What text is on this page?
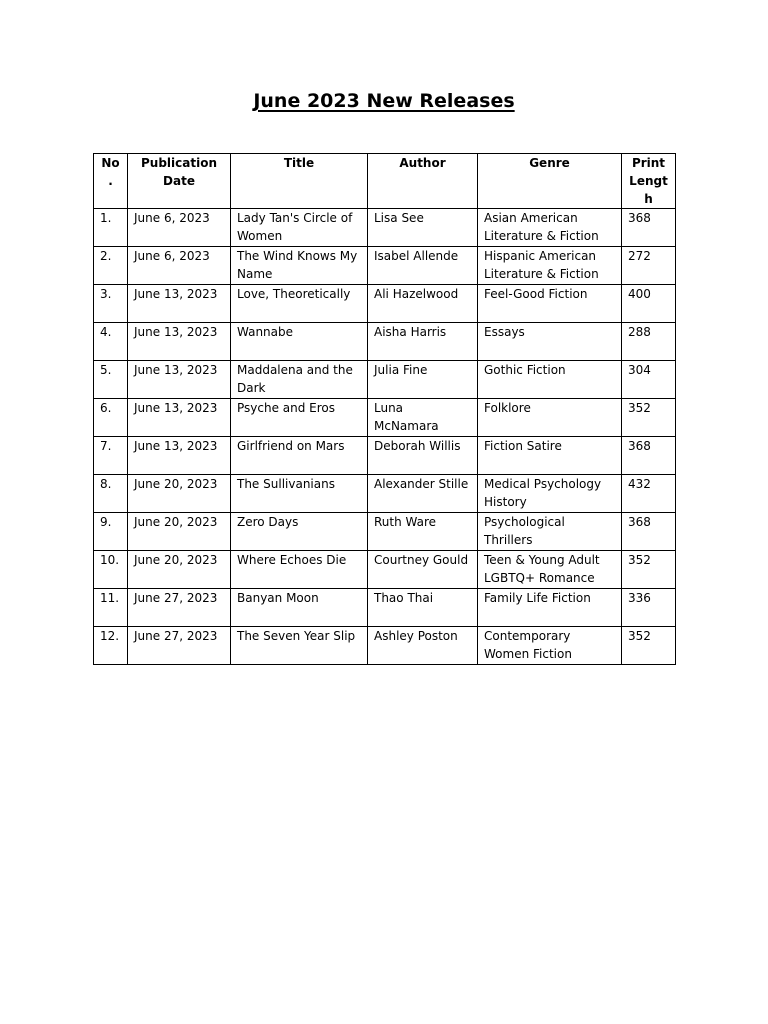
June 2023 New Releases
No.	Publication Date	Title	Author	Genre	Print Length
1.	June 6, 2023	Lady Tan's Circle of Women	Lisa See	Asian American Literature & Fiction	368
2.	June 6, 2023	The Wind Knows My Name	Isabel Allende	Hispanic American Literature & Fiction	272
3.	June 13, 2023	Love, Theoretically	Ali Hazelwood	Feel-Good Fiction	400
4.	June 13, 2023	Wannabe	Aisha Harris	Essays	288
5.	June 13, 2023	Maddalena and the Dark	Julia Fine	Gothic Fiction	304
6.	June 13, 2023	Psyche and Eros	Luna McNamara	Folklore	352
7.	June 13, 2023	Girlfriend on Mars	Deborah Willis	Fiction Satire	368
8.	June 20, 2023	The Sullivanians	Alexander Stille	Medical Psychology History	432
9.	June 20, 2023	Zero Days	Ruth Ware	Psychological Thrillers	368
10.	June 20, 2023	Where Echoes Die	Courtney Gould	Teen & Young Adult LGBTQ+ Romance	352
11.	June 27, 2023	Banyan Moon	Thao Thai	Family Life Fiction	336
12.	June 27, 2023	The Seven Year Slip	Ashley Poston	Contemporary Women Fiction	352
